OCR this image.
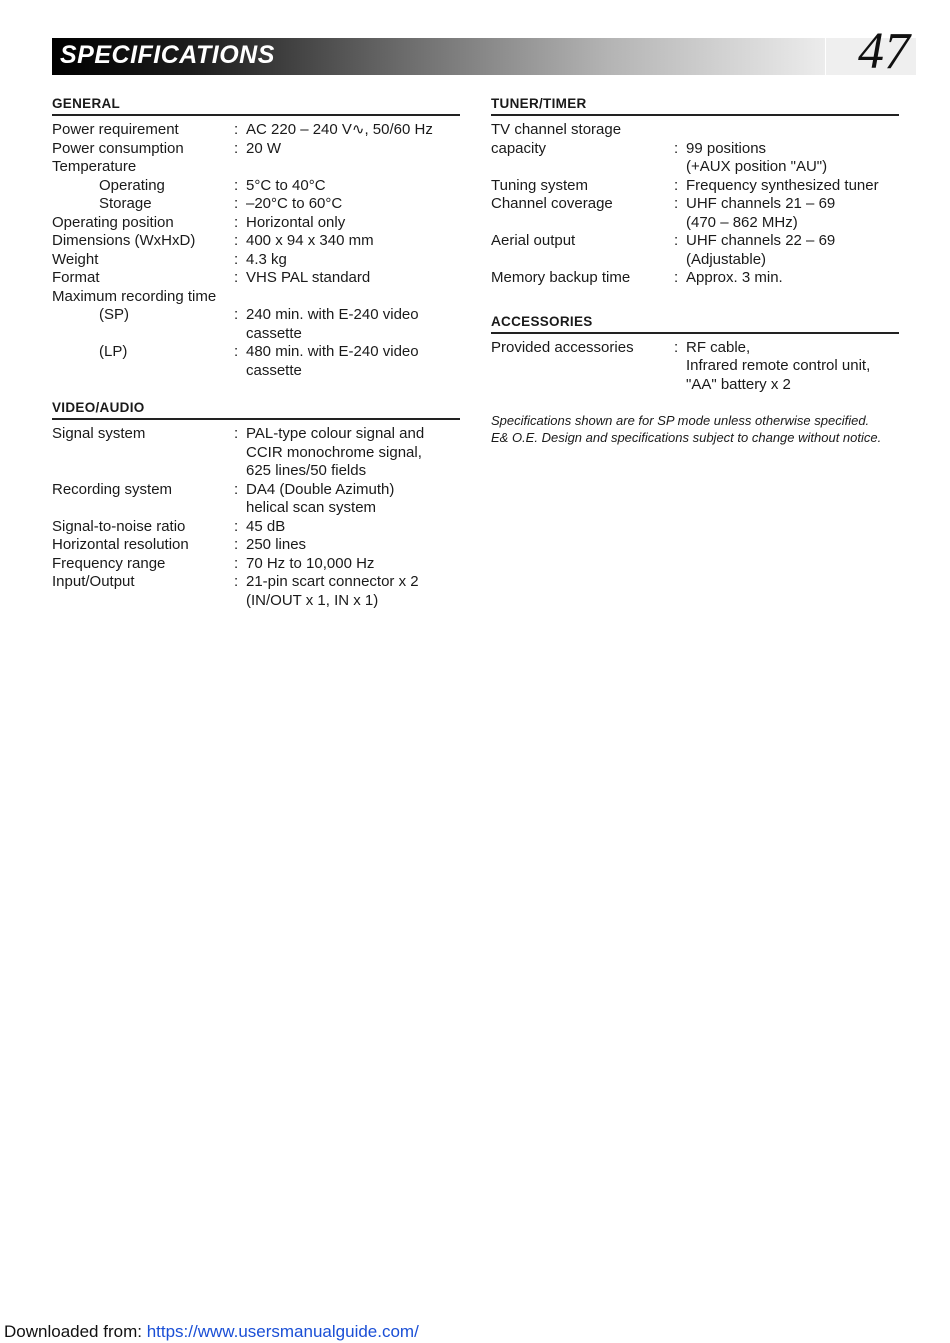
SPECIFICATIONS	47
GENERAL
Power requirement	: AC 220 – 240 V∿, 50/60 Hz
Power consumption	: 20 W
Temperature
Operating	: 5°C to 40°C
Storage	: –20°C to 60°C
Operating position	: Horizontal only
Dimensions (WxHxD)	: 400 x 94 x 340 mm
Weight	: 4.3 kg
Format	: VHS PAL standard
Maximum recording time
(SP)	: 240 min. with E-240 video
cassette
(LP)	: 480 min. with E-240 video
cassette
VIDEO/AUDIO
Signal system	: PAL-type colour signal and
CCIR monochrome signal,
625 lines/50 fields
Recording system	: DA4 (Double Azimuth)
helical scan system
Signal-to-noise ratio	: 45 dB
Horizontal resolution	: 250 lines
Frequency range	: 70 Hz to 10,000 Hz
Input/Output	: 21-pin scart connector x 2
(IN/OUT x 1, IN x 1)
TUNER/TIMER
TV channel storage
capacity	: 99 positions
(+AUX position "AU")
Tuning system	: Frequency synthesized tuner
Channel coverage	: UHF channels 21 – 69
(470 – 862 MHz)
Aerial output	: UHF channels 22 – 69
(Adjustable)
Memory backup time	: Approx. 3 min.
ACCESSORIES
Provided accessories	: RF cable,
Infrared remote control unit,
"AA" battery x 2
Specifications shown are for SP mode unless otherwise specified.
E& O.E. Design and specifications subject to change without notice.
Downloaded from: https://www.usersmanualguide.com/
